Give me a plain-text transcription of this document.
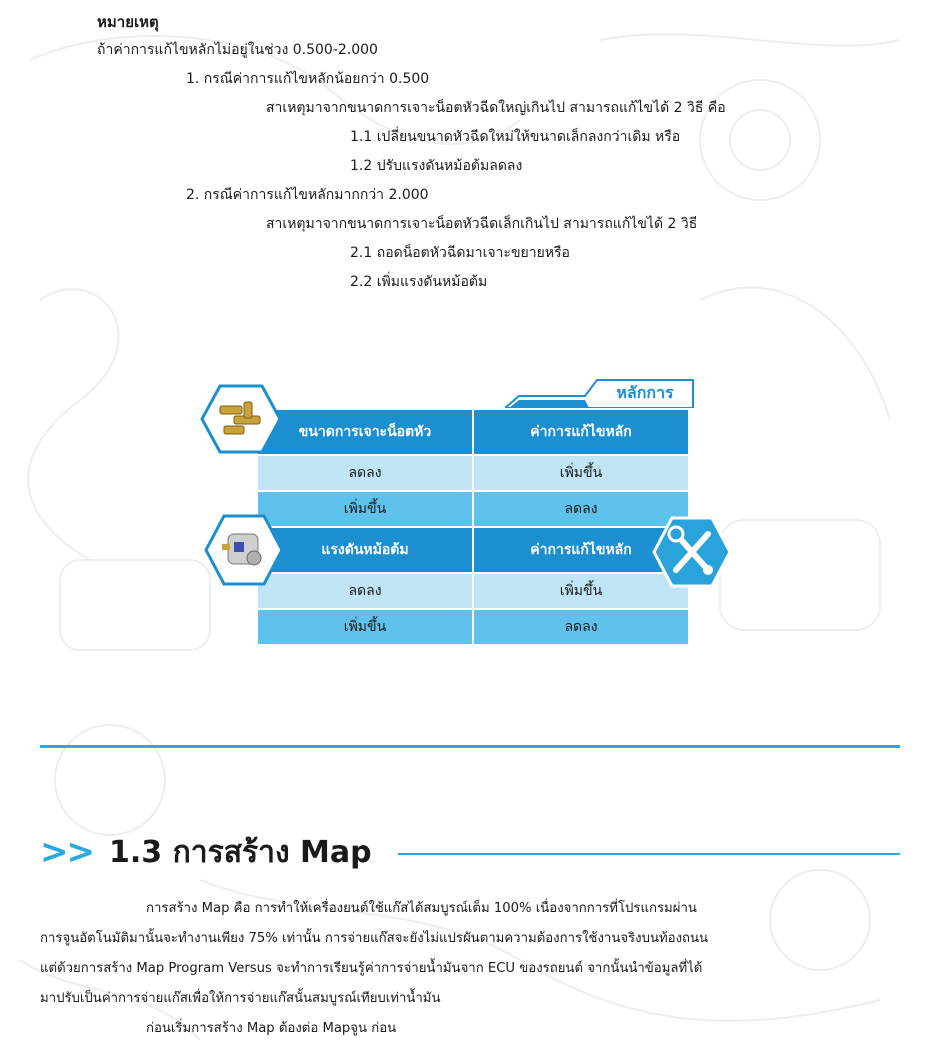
หมายเหตุ
ถ้าค่าการแก้ไขหลักไม่อยู่ในช่วง 0.500-2.000
1. กรณีค่าการแก้ไขหลักน้อยกว่า 0.500
สาเหตุมาจากขนาดการเจาะน็อตหัวฉีดใหญ่เกินไป สามารถแก้ไขได้ 2 วิธี คือ
1.1 เปลี่ยนขนาดหัวฉีดใหม่ให้ขนาดเล็กลงกว่าเดิม หรือ
1.2 ปรับแรงดันหม้อต้มลดลง
2. กรณีค่าการแก้ไขหลักมากกว่า 2.000
สาเหตุมาจากขนาดการเจาะน็อตหัวฉีดเล็กเกินไป สามารถแก้ไขได้ 2 วิธี
2.1 ถอดน็อตหัวฉีดมาเจาะขยายหรือ
2.2 เพิ่มแรงดันหม้อต้ม
หลักการ
ขนาดการเจาะน็อตหัว	ค่าการแก้ไขหลัก
ลดลง	เพิ่มขึ้น
เพิ่มขึ้น	ลดลง
แรงดันหม้อต้ม	ค่าการแก้ไขหลัก
ลดลง	เพิ่มขึ้น
เพิ่มขึ้น	ลดลง
>> 1.3 การสร้าง Map
การสร้าง Map คือ การทำให้เครื่องยนต์ใช้แก๊สได้สมบูรณ์เต็ม 100% เนื่องจากการที่โปรแกรมผ่าน
การจูนอัตโนมัติมานั้นจะทำงานเพียง 75% เท่านั้น การจ่ายแก๊สจะยังไม่แปรผันตามความต้องการใช้งานจริงบนท้องถนน
แต่ด้วยการสร้าง Map Program Versus จะทำการเรียนรู้ค่าการจ่ายน้ำมันจาก ECU ของรถยนต์ จากนั้นนำข้อมูลที่ได้
มาปรับเป็นค่าการจ่ายแก๊สเพื่อให้การจ่ายแก๊สนั้นสมบูรณ์เทียบเท่าน้ำมัน
ก่อนเริ่มการสร้าง Map ต้องต่อ Mapจูน ก่อน
